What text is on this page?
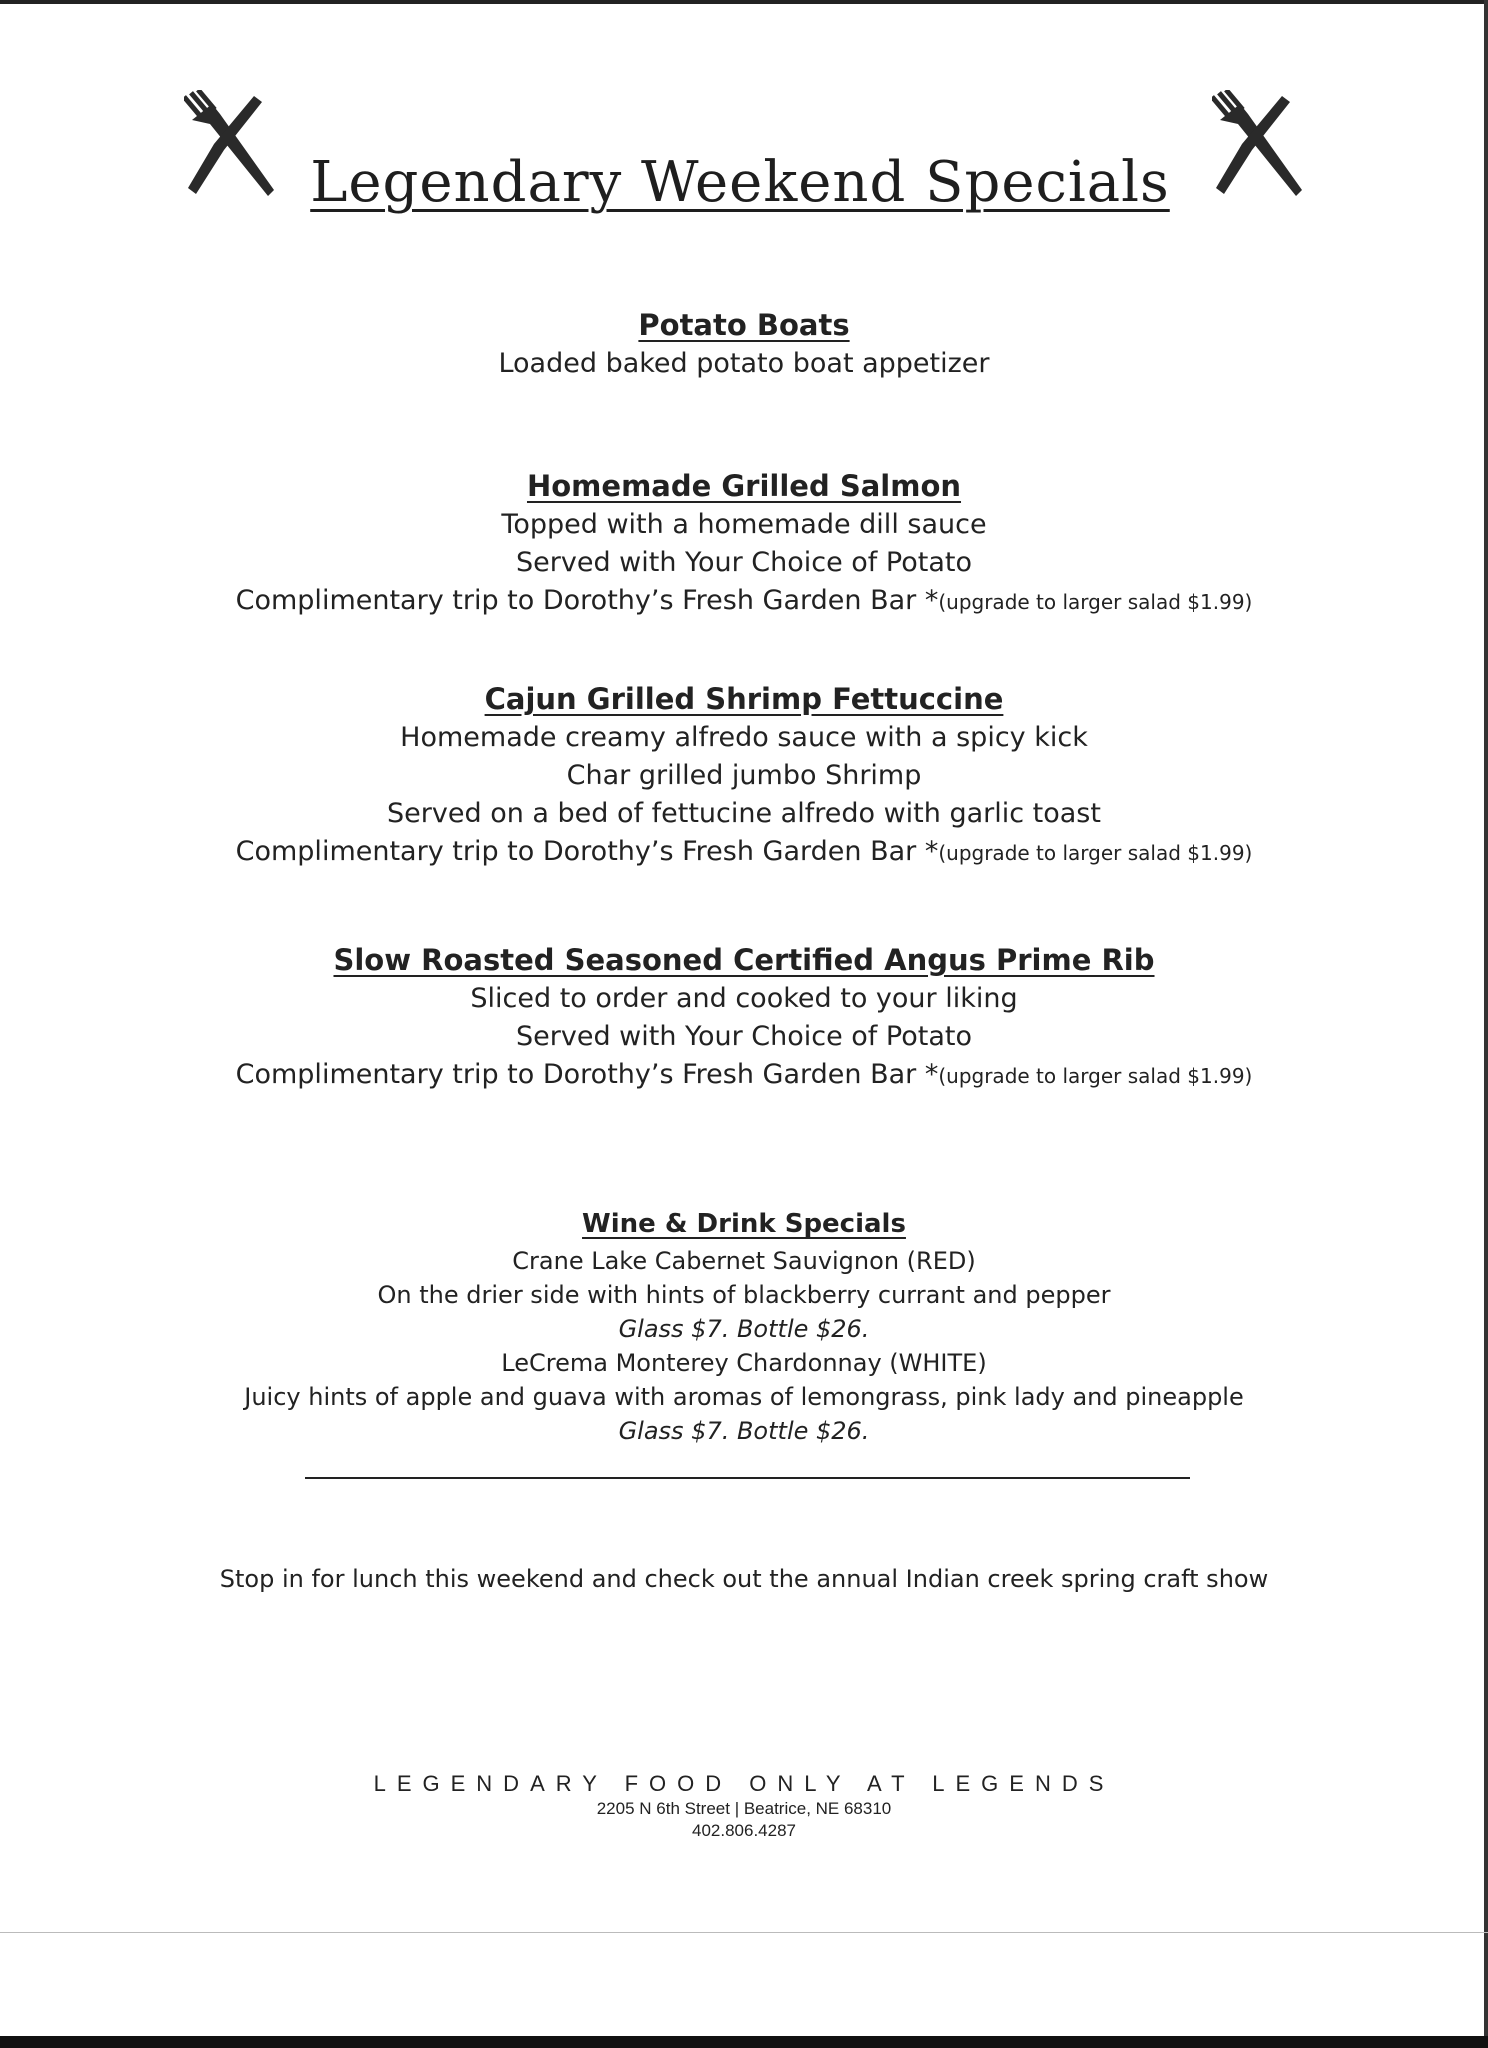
Legendary Weekend Specials

Potato Boats

Loaded baked potato boat appetizer

Homemade Grilled Salmon

Topped with a homemade dill sauce

Served with Your Choice of Potato

Complimentary trip to Dorothy’s Fresh Garden Bar *(upgrade to larger salad $1.99)

Cajun Grilled Shrimp Fettuccine

Homemade creamy alfredo sauce with a spicy kick

Char grilled jumbo Shrimp

Served on a bed of fettucine alfredo with garlic toast

Complimentary trip to Dorothy’s Fresh Garden Bar *(upgrade to larger salad $1.99)

Slow Roasted Seasoned Certified Angus Prime Rib

Sliced to order and cooked to your liking

Served with Your Choice of Potato

Complimentary trip to Dorothy’s Fresh Garden Bar *(upgrade to larger salad $1.99)

Wine & Drink Specials

Crane Lake Cabernet Sauvignon (RED)

On the drier side with hints of blackberry currant and pepper

Glass $7. Bottle $26.

LeCrema Monterey Chardonnay (WHITE)

Juicy hints of apple and guava with aromas of lemongrass, pink lady and pineapple

Glass $7. Bottle $26.

Stop in for lunch this weekend and check out the annual Indian creek spring craft show
LEGENDARY FOOD ONLY AT LEGENDS
2205 N 6th Street | Beatrice, NE 68310
402.806.4287
